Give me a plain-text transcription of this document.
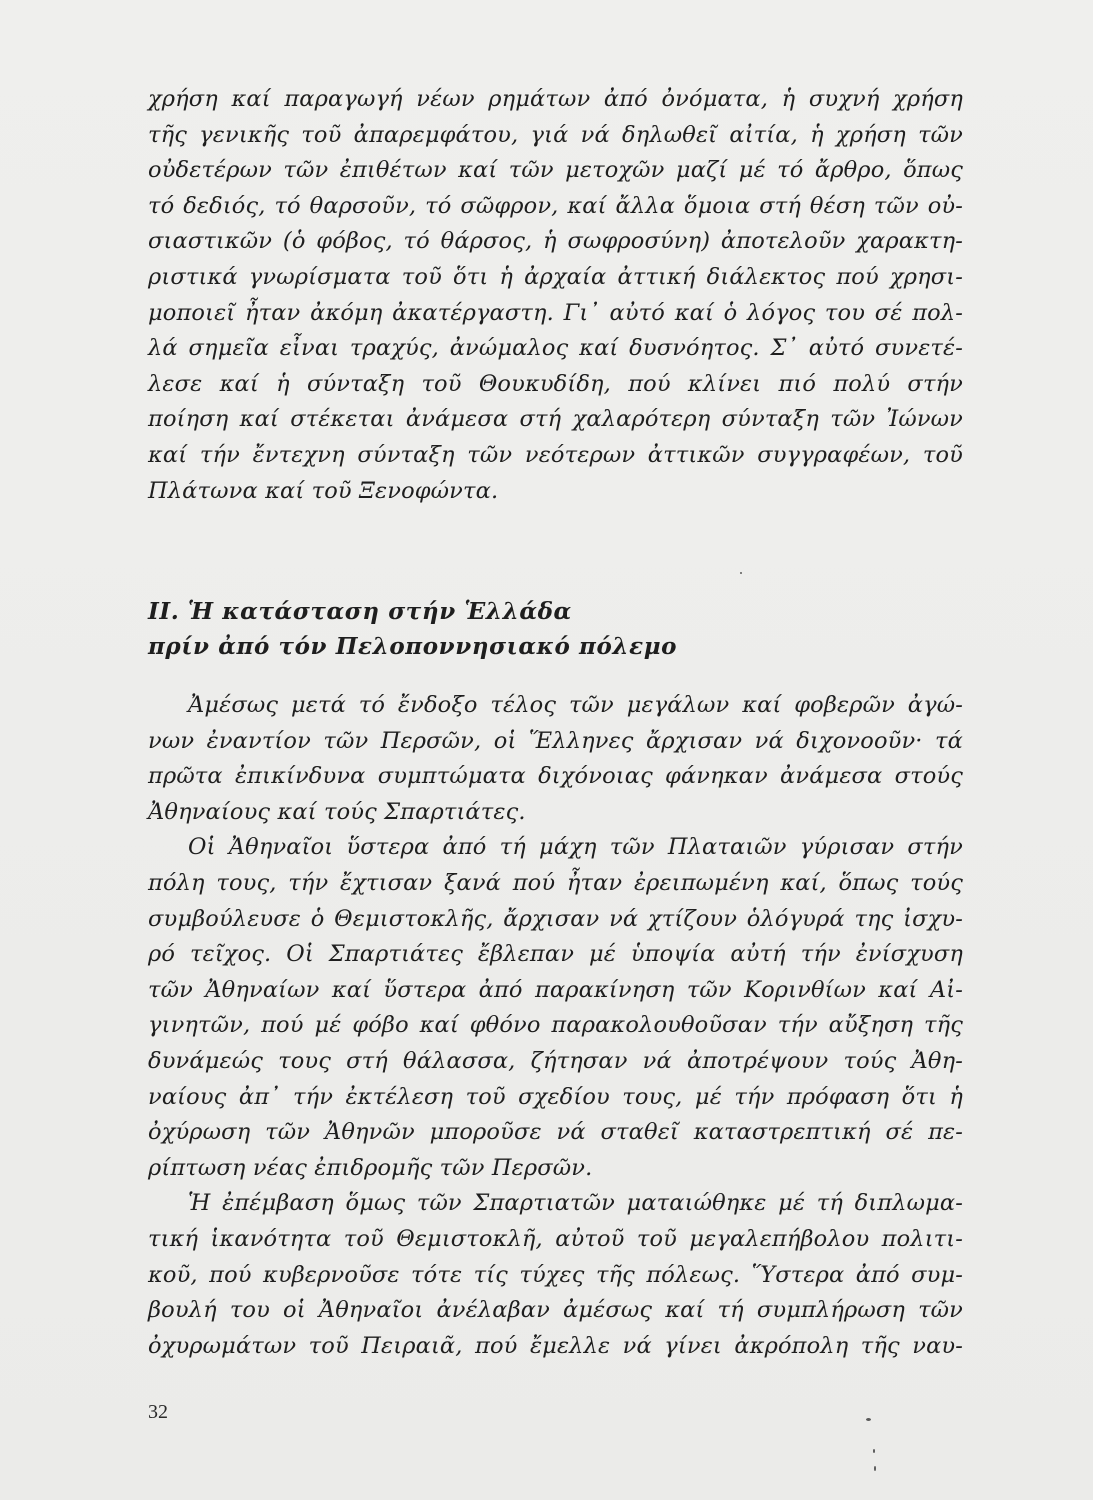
χρήση καί παραγωγή νέων ρημάτων ἀπό ὀνόματα, ἡ συχνή χρήση
τῆς γενικῆς τοῦ ἀπαρεμφάτου, γιά νά δηλωθεῖ αἰτία, ἡ χρήση τῶν
οὐδετέρων τῶν ἐπιθέτων καί τῶν μετοχῶν μαζί μέ τό ἄρθρο, ὅπως
τό δεδιός, τό θαρσοῦν, τό σῶφρον, καί ἄλλα ὅμοια στή θέση τῶν οὐ-
σιαστικῶν (ὁ φόβος, τό θάρσος, ἡ σωφροσύνη) ἀποτελοῦν χαρακτη-
ριστικά γνωρίσματα τοῦ ὅτι ἡ ἀρχαία ἀττική διάλεκτος πού χρησι-
μοποιεῖ ἦταν ἀκόμη ἀκατέργαστη. Γι᾽ αὐτό καί ὁ λόγος του σέ πολ-
λά σημεῖα εἶναι τραχύς, ἀνώμαλος καί δυσνόητος. Σ᾽ αὐτό συνετέ-
λεσε καί ἡ σύνταξη τοῦ Θουκυδίδη, πού κλίνει πιό πολύ στήν
ποίηση καί στέκεται ἀνάμεσα στή χαλαρότερη σύνταξη τῶν Ἰώνων
καί τήν ἔντεχνη σύνταξη τῶν νεότερων ἀττικῶν συγγραφέων, τοῦ
Πλάτωνα καί τοῦ Ξενοφώντα.
ΙΙ. Ἡ κατάσταση στήν Ἑλλάδα
πρίν ἀπό τόν Πελοποννησιακό πόλεμο
Ἀμέσως μετά τό ἔνδοξο τέλος τῶν μεγάλων καί φοβερῶν ἀγώ-
νων ἐναντίον τῶν Περσῶν, οἱ Ἕλληνες ἄρχισαν νά διχονοοῦν· τά
πρῶτα ἐπικίνδυνα συμπτώματα διχόνοιας φάνηκαν ἀνάμεσα στούς
Ἀθηναίους καί τούς Σπαρτιάτες.
Οἱ Ἀθηναῖοι ὕστερα ἀπό τή μάχη τῶν Πλαταιῶν γύρισαν στήν
πόλη τους, τήν ἔχτισαν ξανά πού ἦταν ἐρειπωμένη καί, ὅπως τούς
συμβούλευσε ὁ Θεμιστοκλῆς, ἄρχισαν νά χτίζουν ὁλόγυρά της ἰσχυ-
ρό τεῖχος. Οἱ Σπαρτιάτες ἔβλεπαν μέ ὑποψία αὐτή τήν ἐνίσχυση
τῶν Ἀθηναίων καί ὕστερα ἀπό παρακίνηση τῶν Κορινθίων καί Αἰ-
γινητῶν, πού μέ φόβο καί φθόνο παρακολουθοῦσαν τήν αὔξηση τῆς
δυνάμεώς τους στή θάλασσα, ζήτησαν νά ἀποτρέψουν τούς Ἀθη-
ναίους ἀπ᾽ τήν ἐκτέλεση τοῦ σχεδίου τους, μέ τήν πρόφαση ὅτι ἡ
ὀχύρωση τῶν Ἀθηνῶν μποροῦσε νά σταθεῖ καταστρεπτική σέ πε-
ρίπτωση νέας ἐπιδρομῆς τῶν Περσῶν.
Ἡ ἐπέμβαση ὅμως τῶν Σπαρτιατῶν ματαιώθηκε μέ τή διπλωμα-
τική ἱκανότητα τοῦ Θεμιστοκλῆ, αὐτοῦ τοῦ μεγαλεπήβολου πολιτι-
κοῦ, πού κυβερνοῦσε τότε τίς τύχες τῆς πόλεως. Ὕστερα ἀπό συμ-
βουλή του οἱ Ἀθηναῖοι ἀνέλαβαν ἀμέσως καί τή συμπλήρωση τῶν
ὀχυρωμάτων τοῦ Πειραιᾶ, πού ἔμελλε νά γίνει ἀκρόπολη τῆς ναυ-
32
